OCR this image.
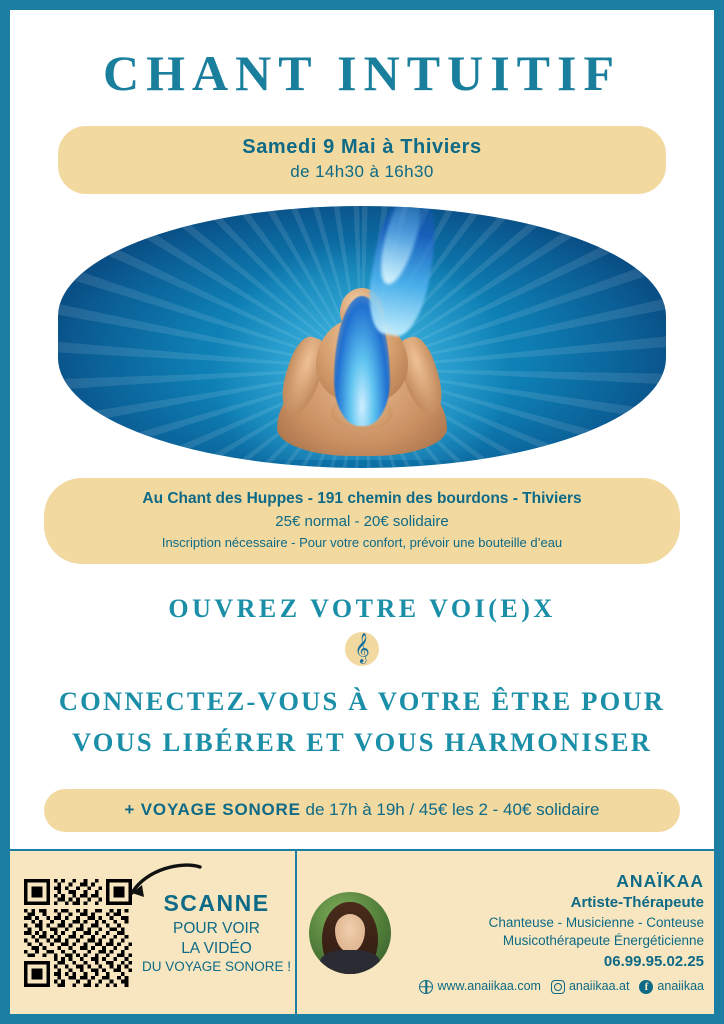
CHANT INTUITIF
Samedi 9 Mai à Thiviers
de 14h30 à 16h30
Au Chant des Huppes - 191 chemin des bourdons - Thiviers
25€ normal - 20€ solidaire
Inscription nécessaire - Pour votre confort, prévoir une bouteille d’eau
OUVREZ VOTRE VOI(E)X
𝄞
CONNECTEZ-VOUS À VOTRE ÊTRE POUR
VOUS LIBÉRER ET VOUS HARMONISER
+ VOYAGE SONORE de 17h à 19h / 45€ les 2 - 40€ solidaire
SCANNE
POUR VOIR
LA VIDÉO
DU VOYAGE SONORE !
ANAÏKAA
Artiste-Thérapeute
Chanteuse - Musicienne - Conteuse
Musicothérapeute Énergéticienne
06.99.95.02.25
www.anaiikaa.com anaiikaa.at	f anaiikaa
